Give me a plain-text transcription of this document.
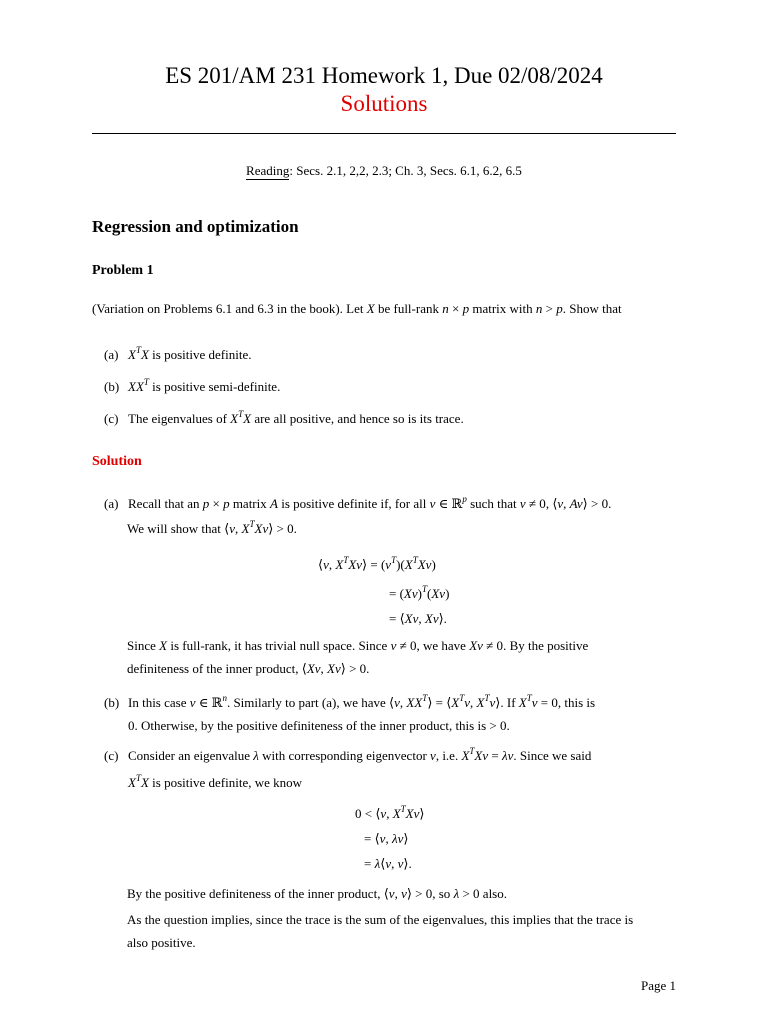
ES 201/AM 231 Homework 1, Due 02/08/2024
Solutions
Reading: Secs. 2.1, 2,2, 2.3; Ch. 3, Secs. 6.1, 6.2, 6.5
Regression and optimization
Problem 1
(Variation on Problems 6.1 and 6.3 in the book). Let X be full-rank n × p matrix with n > p. Show that
(a) $X^TX$ is positive definite.
(b) $XX^T$ is positive semi-definite.
(c) The eigenvalues of $X^TX$ are all positive, and hence so is its trace.
Solution
(a) Recall that an p × p matrix A is positive definite if, for all v ∈ ℝ$^p$ such that v ≠ 0, ⟨v, Av⟩ > 0.
We will show that ⟨v, $X^TXv⟩ > 0$.
⟨v, $X^TXv⟩ = (v^T)(X^TXv)$
= $(Xv)^T(Xv)$
= ⟨Xv, Xv⟩.
Since X is full-rank, it has trivial null space. Since v ≠ 0, we have Xv ≠ 0. By the positive
definiteness of the inner product, ⟨Xv, Xv⟩ > 0.
(b) In this case v ∈ ℝ$^n$. Similarly to part (a), we have ⟨v, $XX^T⟩$ = $⟨X^Tv$, $X^Tv⟩$. If $X^Tv = 0$, this is
0. Otherwise, by the positive definiteness of the inner product, this is > 0.
(c) Consider an eigenvalue λ with corresponding eigenvector v, i.e. $X^TXv = \lambda v$. Since we said
$X^TX$ is positive definite, we know
0 < ⟨v, $X^TXv⟩$
= ⟨v, λv⟩
= λ⟨v, v⟩.
By the positive definiteness of the inner product, ⟨v, v⟩ > 0, so λ > 0 also.
As the question implies, since the trace is the sum of the eigenvalues, this implies that the trace is
also positive.
Page 1
